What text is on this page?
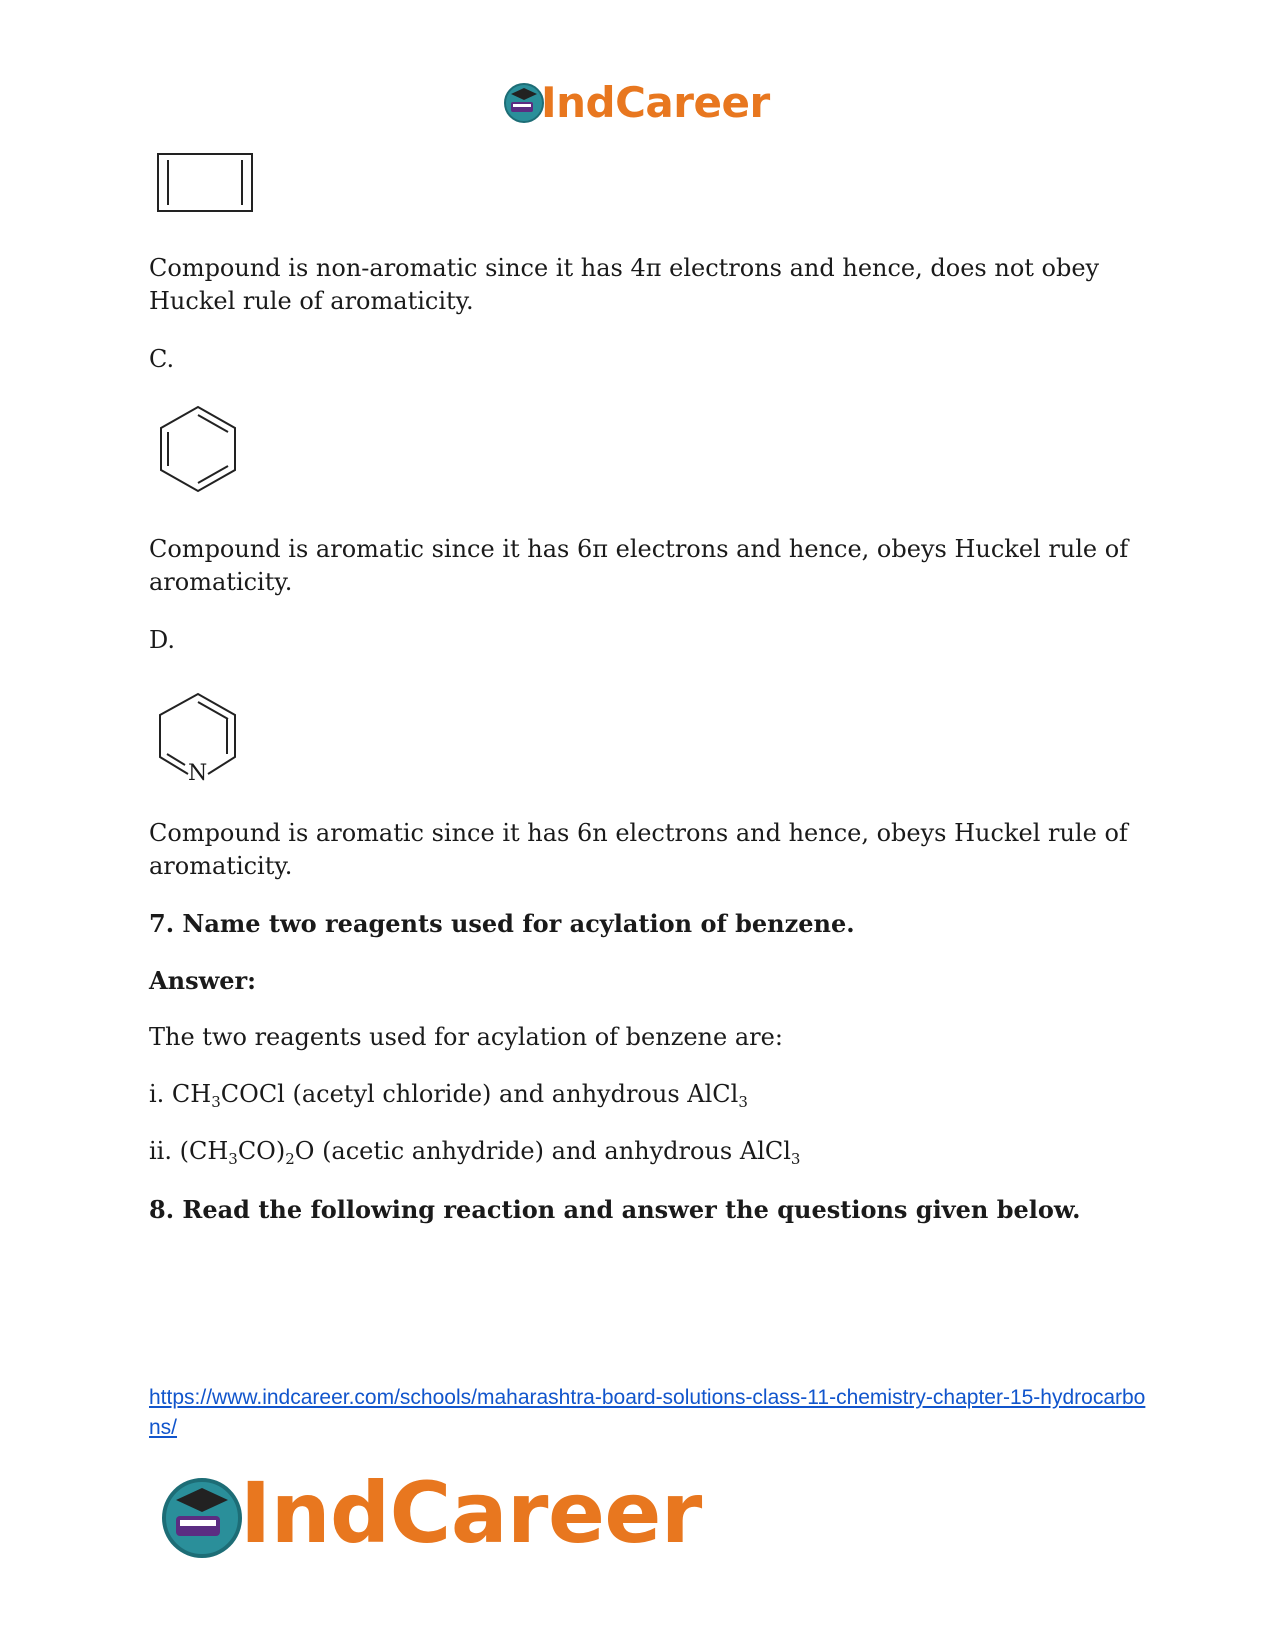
IndCareer
Compound is non-aromatic since it has 4π electrons and hence, does not obey Huckel rule of aromaticity.
C.
Compound is aromatic since it has 6π electrons and hence, obeys Huckel rule of aromaticity.
D.
N
Compound is aromatic since it has 6n electrons and hence, obeys Huckel rule of aromaticity.
7. Name two reagents used for acylation of benzene.
Answer:
The two reagents used for acylation of benzene are:
i. $CH_3COCl$ (acetyl chloride) and anhydrous AlCl$_3$
ii. $(CH_3CO)_2O$ (acetic anhydride) and anhydrous AlCl$_3$
8. Read the following reaction and answer the questions given below.
https://www.indcareer.com/schools/maharashtra-board-solutions-class-11-chemistry-chapter-15-hydrocarbons/
IndCareer
